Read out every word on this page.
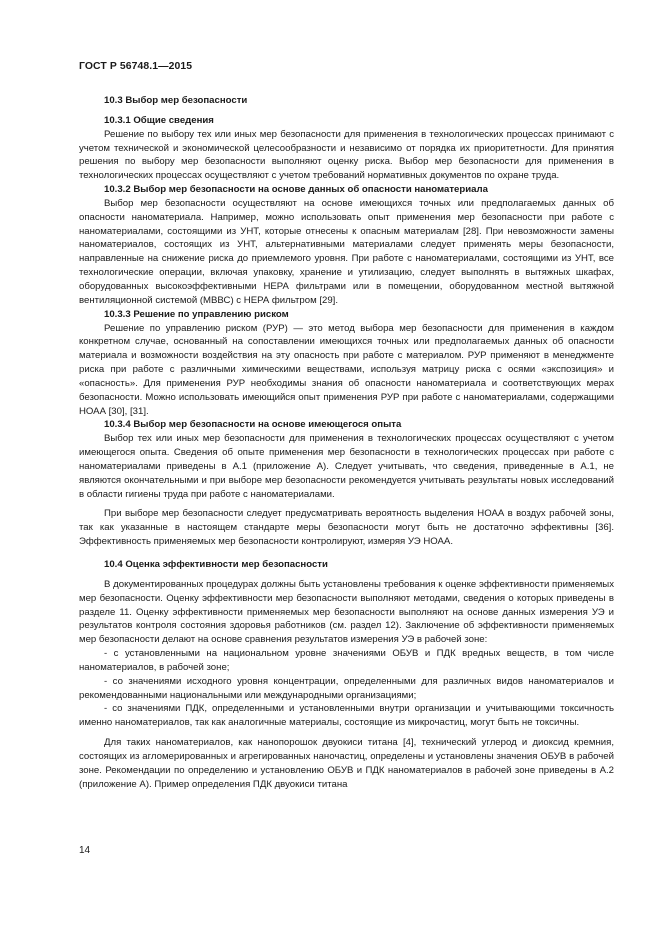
ГОСТ Р 56748.1—2015
10.3 Выбор мер безопасности
10.3.1 Общие сведения

Решение по выбору тех или иных мер безопасности для применения в технологических процессах принимают с учетом технической и экономической целесообразности и независимо от порядка их приоритетности. Для принятия решения по выбору мер безопасности выполняют оценку риска. Выбор мер безопасности для применения в технологических процессах осуществляют с учетом требований нормативных документов по охране труда.

10.3.2 Выбор мер безопасности на основе данных об опасности наноматериала

Выбор мер безопасности осуществляют на основе имеющихся точных или предполагаемых данных об опасности наноматериала. Например, можно использовать опыт применения мер безопасности при работе с наноматериалами, состоящими из УНТ, которые отнесены к опасным материалам [28]. При невозможности замены наноматериалов, состоящих из УНТ, альтернативными материалами следует применять меры безопасности, направленные на снижение риска до приемлемого уровня. При работе с наноматериалами, состоящими из УНТ, все технологические операции, включая упаковку, хранение и утилизацию, следует выполнять в вытяжных шкафах, оборудованных высокоэффективными НЕРА фильтрами или в помещении, оборудованном местной вытяжной вентиляционной системой (МВВС) с НЕРА фильтром [29].

10.3.3 Решение по управлению риском

Решение по управлению риском (РУР) — это метод выбора мер безопасности для применения в каждом конкретном случае, основанный на сопоставлении имеющихся точных или предполагаемых данных об опасности материала и возможности воздействия на эту опасность при работе с материалом. РУР применяют в менеджменте риска при работе с различными химическими веществами, используя матрицу риска с осями «экспозиция» и «опасность». Для применения РУР необходимы знания об опасности наноматериала и соответствующих мерах безопасности. Можно использовать имеющийся опыт применения РУР при работе с наноматериалами, содержащими НОАА [30], [31].

10.3.4 Выбор мер безопасности на основе имеющегося опыта

Выбор тех или иных мер безопасности для применения в технологических процессах осуществляют с учетом имеющегося опыта. Сведения об опыте применения мер безопасности в технологических процессах при работе с наноматериалами приведены в А.1 (приложение А). Следует учитывать, что сведения, приведенные в А.1, не являются окончательными и при выборе мер безопасности рекомендуется учитывать результаты новых исследований в области гигиены труда при работе с наноматериалами.

При выборе мер безопасности следует предусматривать вероятность выделения НОАА в воздух рабочей зоны, так как указанные в настоящем стандарте меры безопасности могут быть не достаточно эффективны [36]. Эффективность применяемых мер безопасности контролируют, измеряя УЭ НОАА.

10.4 Оценка эффективности мер безопасности

В документированных процедурах должны быть установлены требования к оценке эффективности применяемых мер безопасности. Оценку эффективности мер безопасности выполняют методами, сведения о которых приведены в разделе 11. Оценку эффективности применяемых мер безопасности выполняют на основе данных измерения УЭ и результатов контроля состояния здоровья работников (см. раздел 12). Заключение об эффективности применяемых мер безопасности делают на основе сравнения результатов измерения УЭ в рабочей зоне:

- с установленными на национальном уровне значениями ОБУВ и ПДК вредных веществ, в том числе наноматериалов, в рабочей зоне;
- со значениями исходного уровня концентрации, определенными для различных видов наноматериалов и рекомендованными национальными или международными организациями;
- со значениями ПДК, определенными и установленными внутри организации и учитывающими токсичность именно наноматериалов, так как аналогичные материалы, состоящие из микрочастиц, могут быть не токсичны.

Для таких наноматериалов, как нанопорошок двуокиси титана [4], технический углерод и диоксид кремния, состоящих из агломерированных и агрегированных наночастиц, определены и установлены значения ОБУВ в рабочей зоне. Рекомендации по определению и установлению ОБУВ и ПДК наноматериалов в рабочей зоне приведены в А.2 (приложение А). Пример определения ПДК двуокиси титана

14
